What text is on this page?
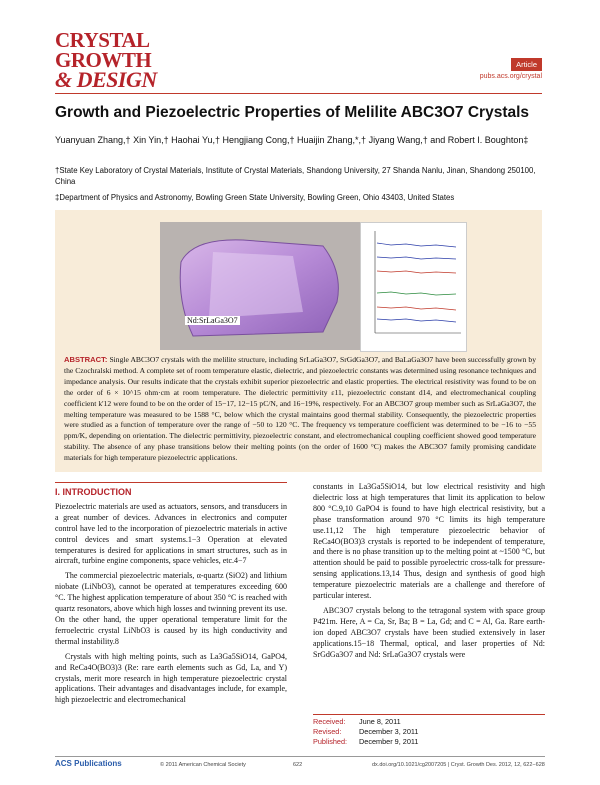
CRYSTAL
GROWTH
& DESIGN
Article
pubs.acs.org/crystal
Growth and Piezoelectric Properties of Melilite ABC3O7 Crystals
Yuanyuan Zhang,† Xin Yin,† Haohai Yu,† Hengjiang Cong,† Huaijin Zhang,*,† Jiyang Wang,† and Robert I. Boughton‡
†State Key Laboratory of Crystal Materials, Institute of Crystal Materials, Shandong University, 27 Shanda Nanlu, Jinan, Shandong 250100, China
‡Department of Physics and Astronomy, Bowling Green State University, Bowling Green, Ohio 43403, United States
Nd:SrLaGa3O7
ABSTRACT: Single ABC3O7 crystals with the melilite structure, including SrLaGa3O7, SrGdGa3O7, and BaLaGa3O7 have been successfully grown by the Czochralski method. A complete set of room temperature elastic, dielectric, and piezoelectric constants was determined using resonance techniques and impedance analysis. Our results indicate that the crystals exhibit superior piezoelectric and elastic properties. The electrical resistivity was found to be on the order of 6 × 10^15 ohm·cm at room temperature. The dielectric permittivity ε11, piezoelectric constant d14, and electromechanical coupling coefficient k'12 were found to be on the order of 15−17, 12−15 pC/N, and 16−19%, respectively. For an ABC3O7 group member such as SrLaGa3O7, the melting temperature was measured to be 1588 °C, below which the crystal maintains good thermal stability. Consequently, the piezoelectric properties were studied as a function of temperature over the range of −50 to 120 °C. The frequency vs temperature coefficient was determined to be −16 to −55 ppm/K, depending on orientation. The dielectric permittivity, piezoelectric constant, and electromechanical coupling coefficient showed good temperature stability. The absence of any phase transitions below their melting points (on the order of 1600 °C) makes the ABC3O7 family promising candidate materials for high temperature piezoelectric applications.
I. INTRODUCTION

Piezoelectric materials are used as actuators, sensors, and transducers in a great number of devices. Advances in electronics and computer control have led to the incorporation of piezoelectric materials in active control devices and smart systems.1−3 Operation at elevated temperatures is desired for applications in smart structures, such as in aircraft, turbine engine components, space vehicles, etc.4−7

The commercial piezoelectric materials, α-quartz (SiO2) and lithium niobate (LiNbO3), cannot be operated at temperatures exceeding 600 °C. The highest application temperature of about 350 °C is reached with quartz resonators, above which high losses and twinning prevent its use. On the other hand, the upper operational temperature limit for the ferroelectric crystal LiNbO3 is caused by its high conductivity and thermal instability.8

Crystals with high melting points, such as La3Ga5SiO14, GaPO4, and ReCa4O(BO3)3 (Re: rare earth elements such as Gd, La, and Y) crystals, merit more research in high temperature piezoelectric crystal applications. Their advantages and disadvantages include, for example, high piezoelectric and electromechanical

constants in La3Ga5SiO14, but low electrical resistivity and high dielectric loss at high temperatures that limit its application to below 800 °C.9,10 GaPO4 is found to have high electrical resistivity, but a phase transformation around 970 °C limits its high temperature use.11,12 The high temperature piezoelectric behavior of ReCa4O(BO3)3 crystals is reported to be independent of temperature, and there is no phase transition up to the melting point at ~1500 °C, but attention should be paid to possible pyroelectric cross-talk for pressure-sensing applications.13,14 Thus, design and synthesis of good high temperature piezoelectric materials are a challenge and therefore of particular interest.

ABC3O7 crystals belong to the tetragonal system with space group P4̄21m. Here, A = Ca, Sr, Ba; B = La, Gd; and C = Al, Ga. Rare earth-ion doped ABC3O7 crystals have been studied extensively in laser applications.15−18 Thermal, optical, and laser properties of Nd: SrGdGa3O7 and Nd: SrLaGa3O7 crystals were

Received: June 8, 2011
Revised: December 3, 2011
Published: December 9, 2011
ACS Publications	© 2011 American Chemical Society	622	dx.doi.org/10.1021/cg2007205 | Cryst. Growth Des. 2012, 12, 622−628
